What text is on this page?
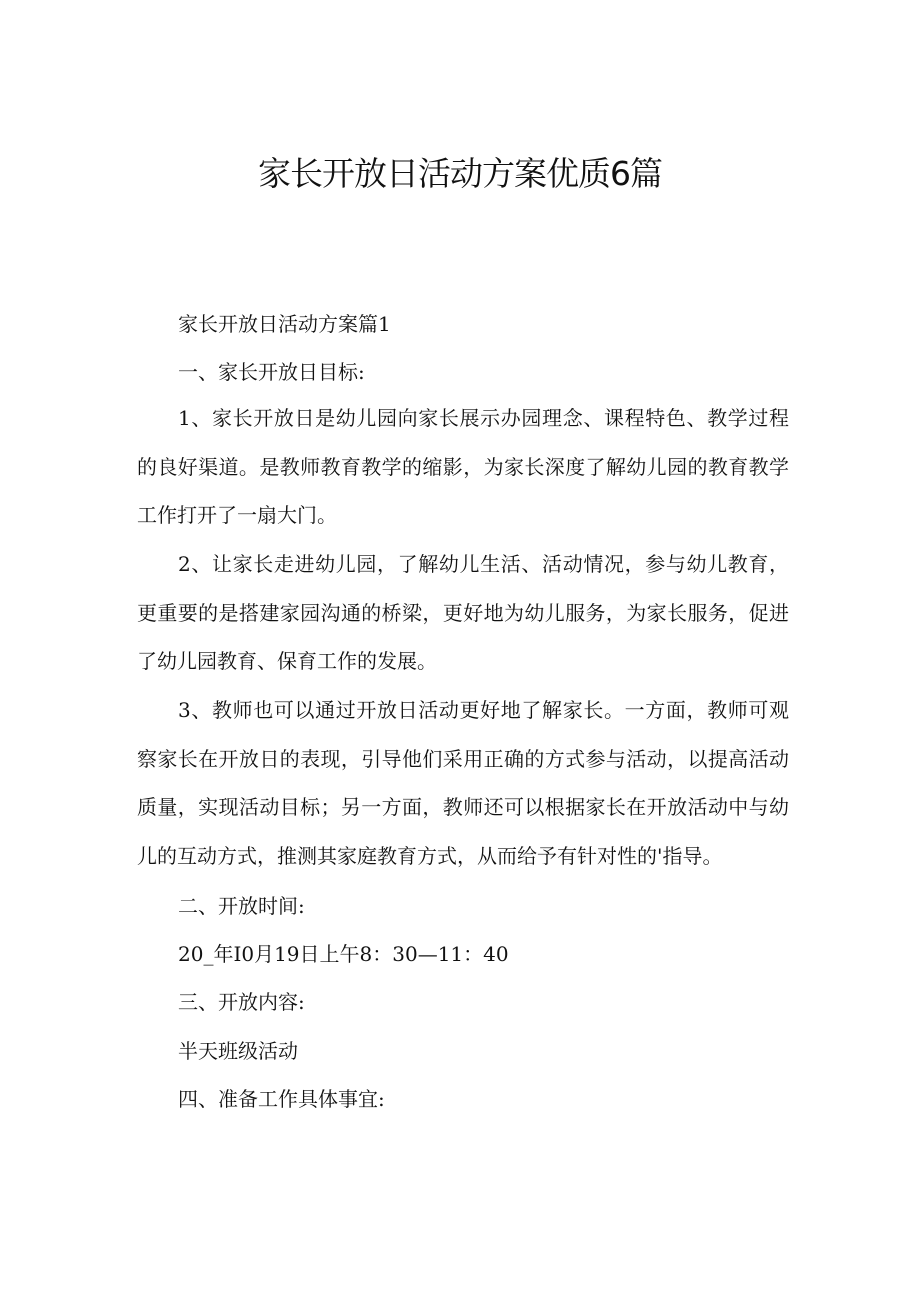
家长开放日活动方案优质6篇
家长开放日活动方案篇1
一、家长开放日目标:
1、家长开放日是幼儿园向家长展示办园理念、课程特色、教学过程的良好渠道。是教师教育教学的缩影，为家长深度了解幼儿园的教育教学工作打开了一扇大门。
2、让家长走进幼儿园，了解幼儿生活、活动情况，参与幼儿教育，更重要的是搭建家园沟通的桥梁，更好地为幼儿服务，为家长服务，促进了幼儿园教育、保育工作的发展。
3、教师也可以通过开放日活动更好地了解家长。一方面，教师可观察家长在开放日的表现，引导他们采用正确的方式参与活动，以提高活动质量，实现活动目标；另一方面，教师还可以根据家长在开放活动中与幼儿的互动方式，推测其家庭教育方式，从而给予有针对性的'指导。
二、开放时间:
20_年I0月19日上午8：30—11：40
三、开放内容:
半天班级活动
四、准备工作具体事宜:
